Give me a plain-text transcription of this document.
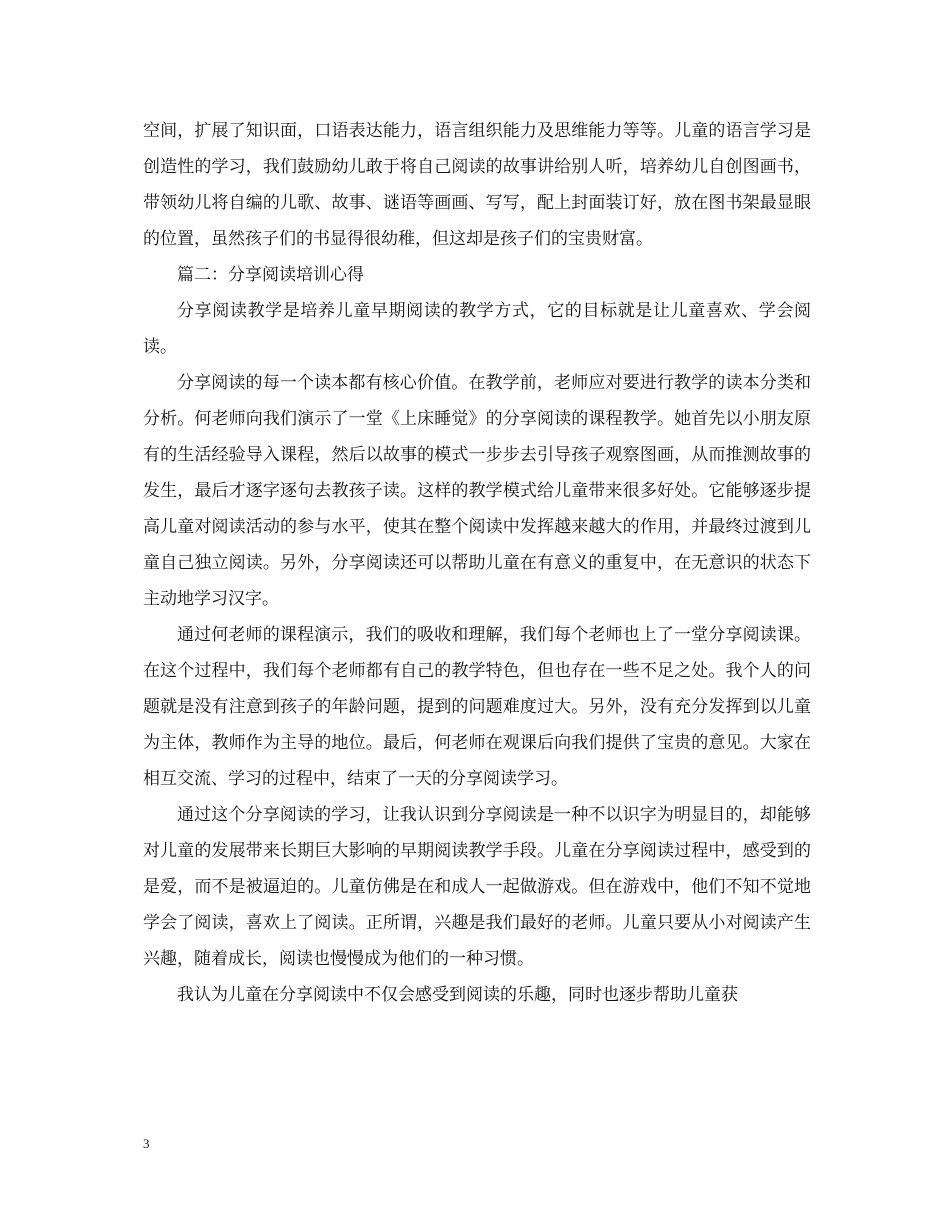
空间，扩展了知识面，口语表达能力，语言组织能力及思维能力等等。儿童的语言学习是创造性的学习，我们鼓励幼儿敢于将自己阅读的故事讲给别人听，培养幼儿自创图画书，带领幼儿将自编的儿歌、故事、谜语等画画、写写，配上封面装订好，放在图书架最显眼的位置，虽然孩子们的书显得很幼稚，但这却是孩子们的宝贵财富。

篇二：分享阅读培训心得

分享阅读教学是培养儿童早期阅读的教学方式，它的目标就是让儿童喜欢、学会阅读。

分享阅读的每一个读本都有核心价值。在教学前，老师应对要进行教学的读本分类和分析。何老师向我们演示了一堂《上床睡觉》的分享阅读的课程教学。她首先以小朋友原有的生活经验导入课程，然后以故事的模式一步步去引导孩子观察图画，从而推测故事的发生，最后才逐字逐句去教孩子读。这样的教学模式给儿童带来很多好处。它能够逐步提高儿童对阅读活动的参与水平，使其在整个阅读中发挥越来越大的作用，并最终过渡到儿童自己独立阅读。另外，分享阅读还可以帮助儿童在有意义的重复中，在无意识的状态下主动地学习汉字。

通过何老师的课程演示，我们的吸收和理解，我们每个老师也上了一堂分享阅读课。在这个过程中，我们每个老师都有自己的教学特色，但也存在一些不足之处。我个人的问题就是没有注意到孩子的年龄问题，提到的问题难度过大。另外，没有充分发挥到以儿童为主体，教师作为主导的地位。最后，何老师在观课后向我们提供了宝贵的意见。大家在相互交流、学习的过程中，结束了一天的分享阅读学习。

通过这个分享阅读的学习，让我认识到分享阅读是一种不以识字为明显目的，却能够对儿童的发展带来长期巨大影响的早期阅读教学手段。儿童在分享阅读过程中，感受到的是爱，而不是被逼迫的。儿童仿佛是在和成人一起做游戏。但在游戏中，他们不知不觉地学会了阅读，喜欢上了阅读。正所谓，兴趣是我们最好的老师。儿童只要从小对阅读产生兴趣，随着成长，阅读也慢慢成为他们的一种习惯。

我认为儿童在分享阅读中不仅会感受到阅读的乐趣，同时也逐步帮助儿童获

3
